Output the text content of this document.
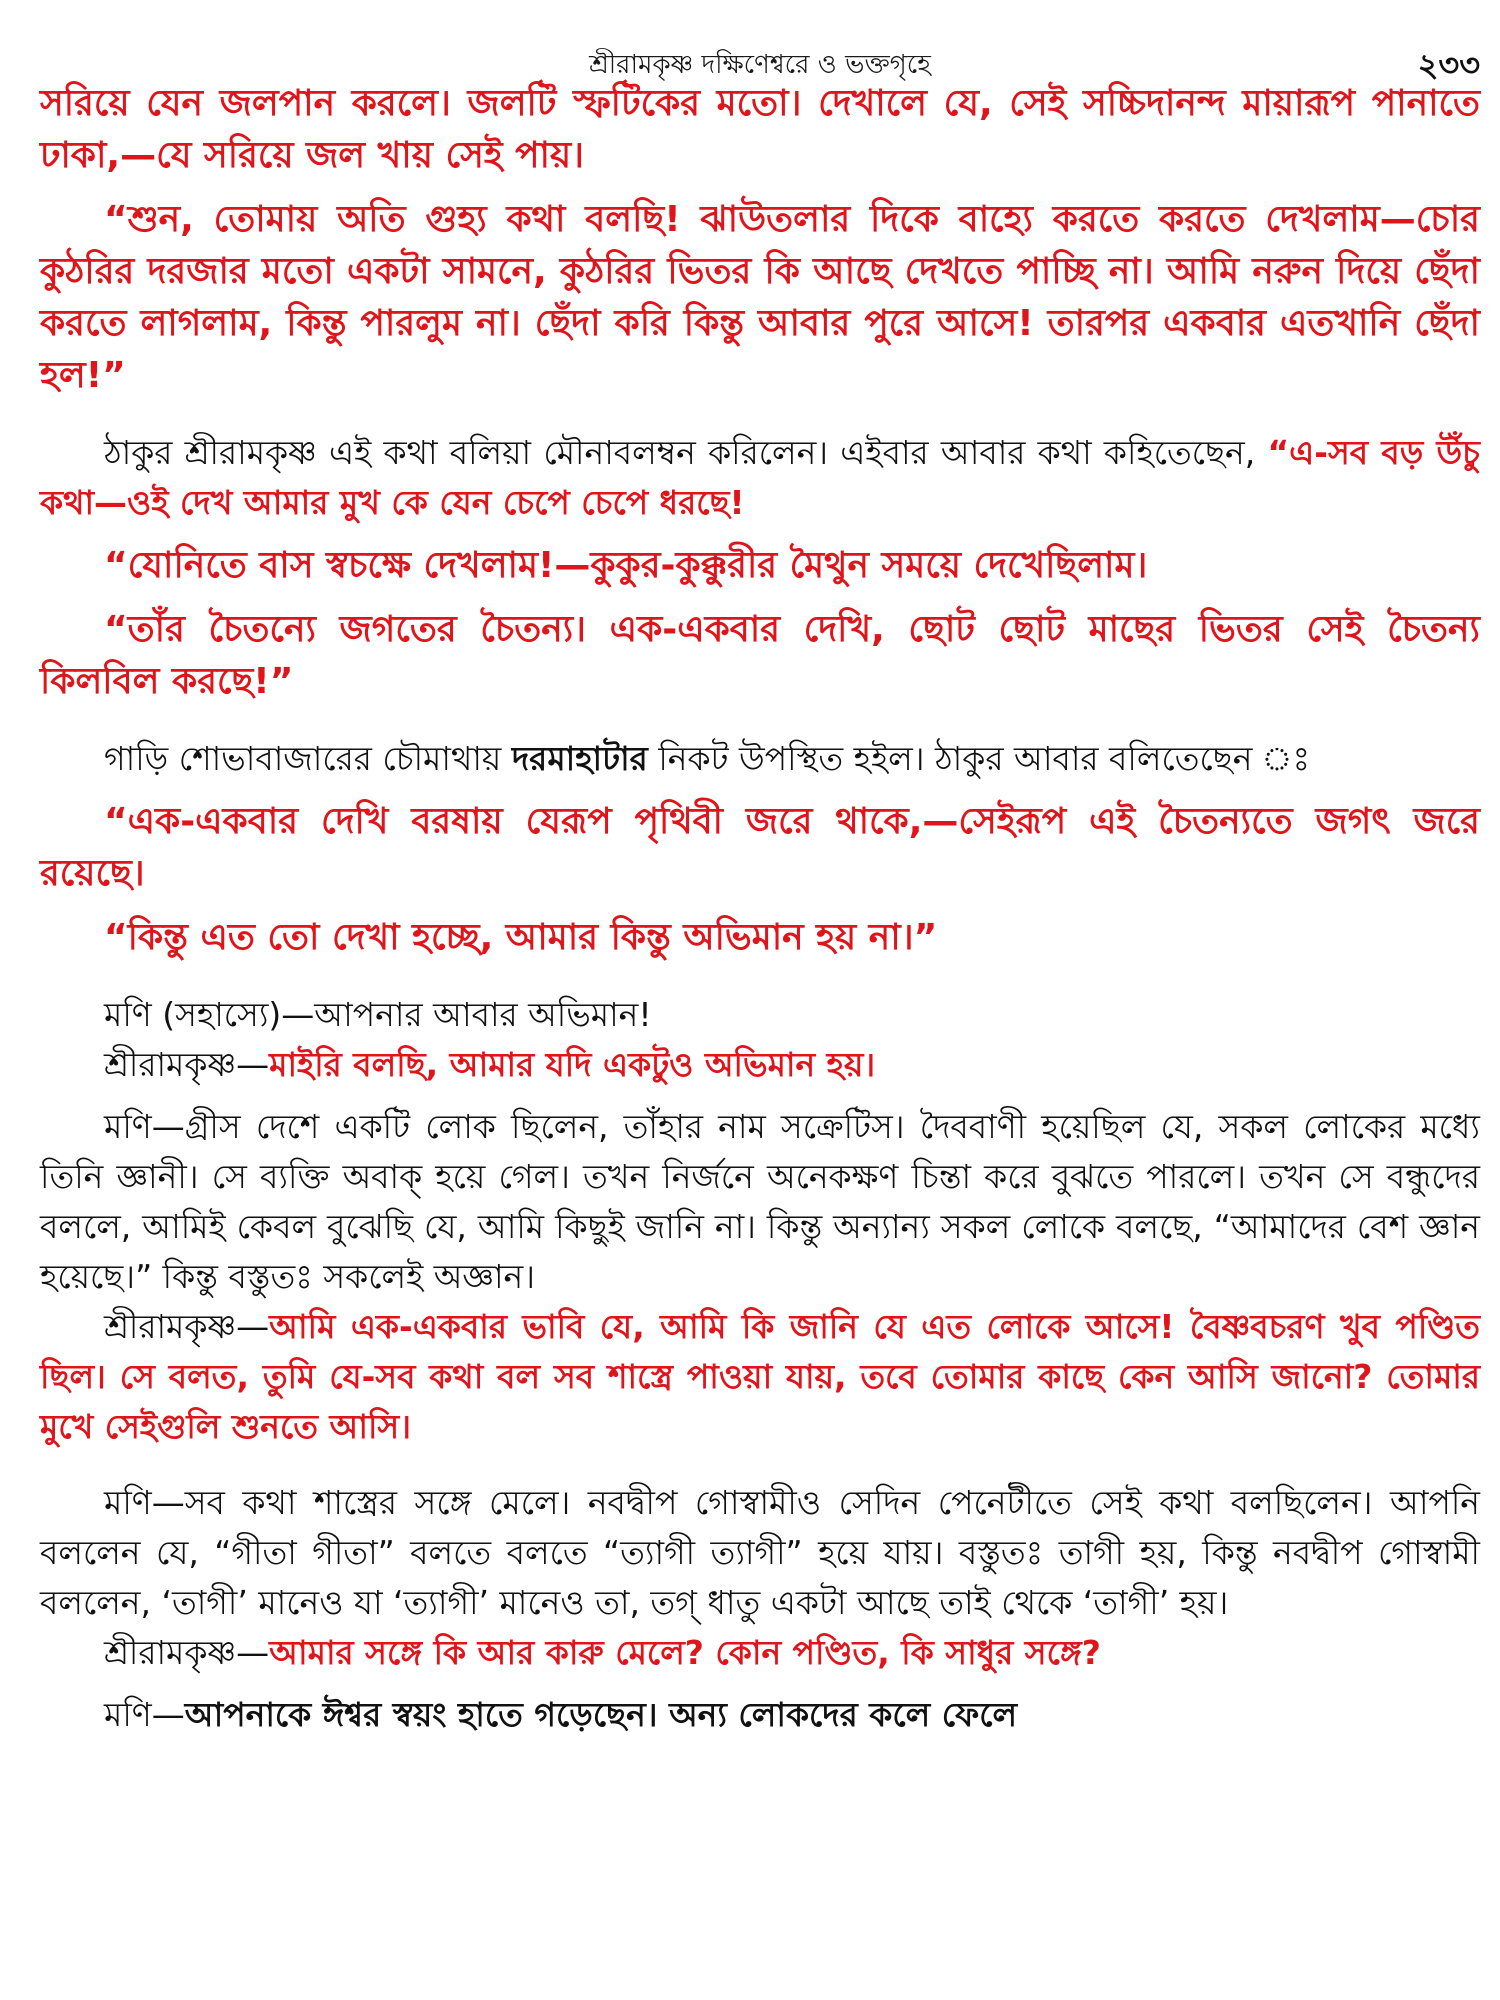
শ্রীরামকৃষ্ণ দক্ষিণেশ্বরে ও ভক্তগৃহে	২৩৩

সরিয়ে যেন জলপান করলে। জলটি স্ফটিকের মতো। দেখালে যে, সেই সচ্চিদানন্দ মায়ারূপ পানাতে ঢাকা,—যে সরিয়ে জল খায় সেই পায়।

“শুন, তোমায় অতি গুহ্য কথা বলছি! ঝাউতলার দিকে বাহ্যে করতে করতে দেখলাম—চোর কুঠরির দরজার মতো একটা সামনে, কুঠরির ভিতর কি আছে দেখতে পাচ্ছি না। আমি নরুন দিয়ে ছেঁদা করতে লাগলাম, কিন্তু পারলুম না। ছেঁদা করি কিন্তু আবার পুরে আসে! তারপর একবার এতখানি ছেঁদা হল!”

ঠাকুর শ্রীরামকৃষ্ণ এই কথা বলিয়া মৌনাবলম্বন করিলেন। এইবার আবার কথা কহিতেছেন, “এ-সব বড় উঁচু কথা—ওই দেখ আমার মুখ কে যেন চেপে চেপে ধরছে!

“যোনিতে বাস স্বচক্ষে দেখলাম!—কুকুর-কুক্কুরীর মৈথুন সময়ে দেখেছিলাম।

“তাঁর চৈতন্যে জগতের চৈতন্য। এক-একবার দেখি, ছোট ছোট মাছের ভিতর সেই চৈতন্য কিলবিল করছে!”

গাড়ি শোভাবাজারের চৌমাথায় দরমাহাটার নিকট উপস্থিত হইল। ঠাকুর আবার বলিতেছেন ঃ

“এক-একবার দেখি বরষায় যেরূপ পৃথিবী জরে থাকে,—সেইরূপ এই চৈতন্যতে জগৎ জরে রয়েছে।

“কিন্তু এত তো দেখা হচ্ছে, আমার কিন্তু অভিমান হয় না।”

মণি (সহাস্যে)—আপনার আবার অভিমান!

শ্রীরামকৃষ্ণ—মাইরি বলছি, আমার যদি একটুও অভিমান হয়।

মণি—গ্রীস দেশে একটি লোক ছিলেন, তাঁহার নাম সক্রেটিস। দৈববাণী হয়েছিল যে, সকল লোকের মধ্যে তিনি জ্ঞানী। সে ব্যক্তি অবাক্ হয়ে গেল। তখন নির্জনে অনেকক্ষণ চিন্তা করে বুঝতে পারলে। তখন সে বন্ধুদের বললে, আমিই কেবল বুঝেছি যে, আমি কিছুই জানি না। কিন্তু অন্যান্য সকল লোকে বলছে, “আমাদের বেশ জ্ঞান হয়েছে।” কিন্তু বস্তুতঃ সকলেই অজ্ঞান।

শ্রীরামকৃষ্ণ—আমি এক-একবার ভাবি যে, আমি কি জানি যে এত লোকে আসে! বৈষ্ণবচরণ খুব পণ্ডিত ছিল। সে বলত, তুমি যে-সব কথা বল সব শাস্ত্রে পাওয়া যায়, তবে তোমার কাছে কেন আসি জানো? তোমার মুখে সেইগুলি শুনতে আসি।

মণি—সব কথা শাস্ত্রের সঙ্গে মেলে। নবদ্বীপ গোস্বামীও সেদিন পেনেটীতে সেই কথা বলছিলেন। আপনি বললেন যে, “গীতা গীতা” বলতে বলতে “ত্যাগী ত্যাগী” হয়ে যায়। বস্তুতঃ তাগী হয়, কিন্তু নবদ্বীপ গোস্বামী বললেন, ‘তাগী’ মানেও যা ‘ত্যাগী’ মানেও তা, তগ্ ধাতু একটা আছে তাই থেকে ‘তাগী’ হয়।

শ্রীরামকৃষ্ণ—আমার সঙ্গে কি আর কারু মেলে? কোন পণ্ডিত, কি সাধুর সঙ্গে?

মণি—আপনাকে ঈশ্বর স্বয়ং হাতে গড়েছেন। অন্য লোকদের কলে ফেলে
